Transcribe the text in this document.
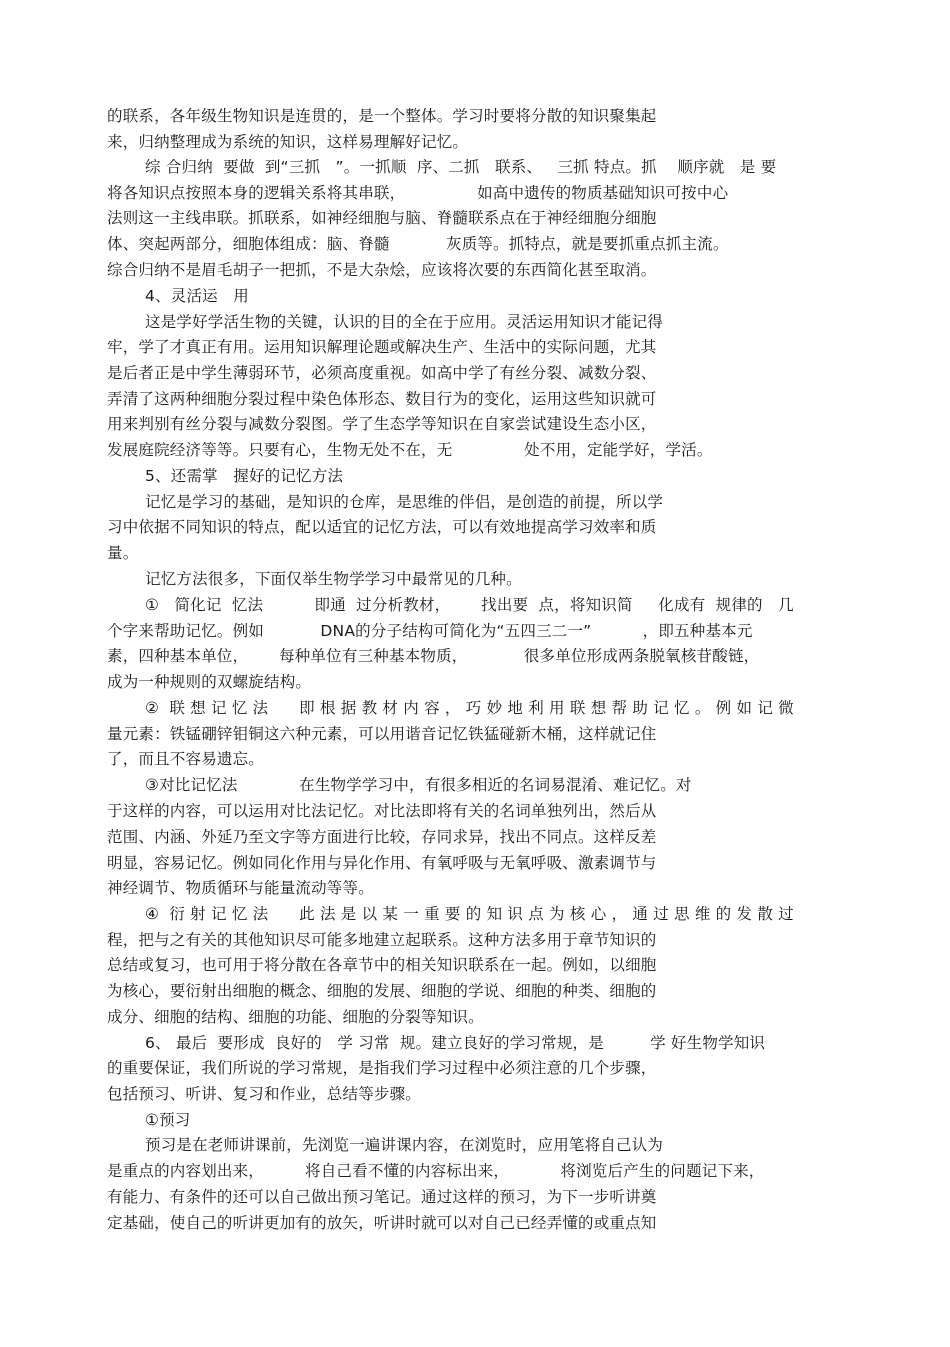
的联系，各年级生物知识是连贯的，是一个整体。学习时要将分散的知识聚集起
来，归纳整理成为系统的知识，这样易理解好记忆。
综 合归纳  要做  到“三抓   ”。一抓顺  序、二抓   联系、   三抓 特点。抓    顺序就   是 要
将各知识点按照本身的逻辑关系将其串联，              如高中遗传的物质基础知识可按中心
法则这一主线串联。抓联系，如神经细胞与脑、脊髓联系点在于神经细胞分细胞
体、突起两部分，细胞体组成：脑、脊髓           灰质等。抓特点，就是要抓重点抓主流。
综合归纳不是眉毛胡子一把抓，不是大杂烩，应该将次要的东西简化甚至取消。
4、灵活运   用
这是学好学活生物的关键，认识的目的全在于应用。灵活运用知识才能记得
牢，学了才真正有用。运用知识解理论题或解决生产、生活中的实际问题，尤其
是后者正是中学生薄弱环节，必须高度重视。如高中学了有丝分裂、减数分裂、
弄清了这两种细胞分裂过程中染色体形态、数目行为的变化，运用这些知识就可
用来判别有丝分裂与减数分裂图。学了生态学等知识在自家尝试建设生态小区，
发展庭院经济等等。只要有心，生物无处不在，无              处不用，定能学好，学活。
5、还需掌   握好的记忆方法
记忆是学习的基础，是知识的仓库，是思维的伴侣，是创造的前提，所以学
习中依据不同知识的特点，配以适宜的记忆方法，可以有效地提高学习效率和质
量。
记忆方法很多，下面仅举生物学学习中最常见的几种。
①   简化记  忆法          即通  过分析教材，      找出要  点，将知识简     化成有  规律的   几
个字来帮助记忆。例如           DNA的分子结构可简化为“五四三二一”          ，即五种基本元
素，四种基本单位，      每种单位有三种基本物质，           很多单位形成两条脱氧核苷酸链，
成为一种规则的双螺旋结构。
②  联 想 记 忆 法      即 根 据 教 材 内 容 ， 巧 妙 地 利 用 联 想 帮 助 记 忆 。 例 如 记 微
量元素：铁锰硼锌钼铜这六种元素，可以用谐音记忆铁猛碰新木桶，这样就记住
了，而且不容易遗忘。
③对比记忆法            在生物学学习中，有很多相近的名词易混淆、难记忆。对
于这样的内容，可以运用对比法记忆。对比法即将有关的名词单独列出，然后从
范围、内涵、外延乃至文字等方面进行比较，存同求异，找出不同点。这样反差
明显，容易记忆。例如同化作用与异化作用、有氧呼吸与无氧呼吸、激素调节与
神经调节、物质循环与能量流动等等。
④  衍 射 记 忆 法      此 法 是 以 某 一 重 要 的 知 识 点 为 核 心 ， 通 过 思 维 的 发 散 过
程，把与之有关的其他知识尽可能多地建立起联系。这种方法多用于章节知识的
总结或复习，也可用于将分散在各章节中的相关知识联系在一起。例如，以细胞
为核心，要衍射出细胞的概念、细胞的发展、细胞的学说、细胞的种类、细胞的
成分、细胞的结构、细胞的功能、细胞的分裂等知识。
6、 最后  要形成  良好的   学 习常  规。建立良好的学习常规，是         学 好生物学知识
的重要保证，我们所说的学习常规，是指我们学习过程中必须注意的几个步骤，
包括预习、听讲、复习和作业，总结等步骤。
①预习
预习是在老师讲课前，先浏览一遍讲课内容，在浏览时，应用笔将自己认为
是重点的内容划出来，        将自己看不懂的内容标出来，          将浏览后产生的问题记下来，
有能力、有条件的还可以自己做出预习笔记。通过这样的预习，为下一步听讲奠
定基础，使自己的听讲更加有的放矢，听讲时就可以对自己已经弄懂的或重点知
